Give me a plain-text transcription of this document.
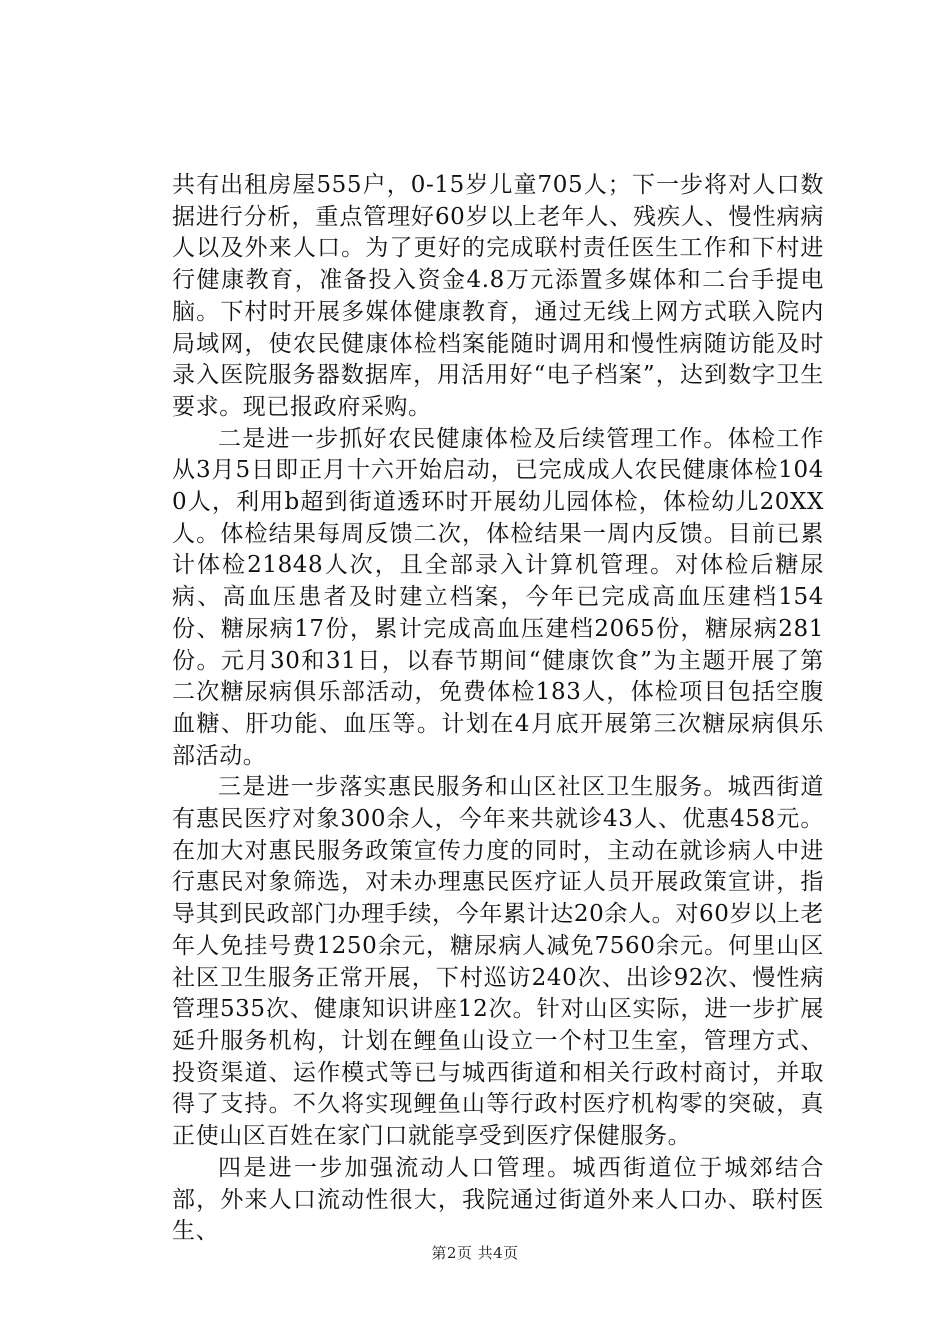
共有出租房屋555户，0-15岁儿童705人；下一步将对人口数据进行分析，重点管理好60岁以上老年人、残疾人、慢性病病人以及外来人口。为了更好的完成联村责任医生工作和下村进行健康教育，准备投入资金4.8万元添置多媒体和二台手提电脑。下村时开展多媒体健康教育，通过无线上网方式联入院内局域网，使农民健康体检档案能随时调用和慢性病随访能及时录入医院服务器数据库，用活用好“电子档案”，达到数字卫生要求。现已报政府采购。

二是进一步抓好农民健康体检及后续管理工作。体检工作从3月5日即正月十六开始启动，已完成成人农民健康体检1040人，利用b超到街道透环时开展幼儿园体检，体检幼儿20XX人。体检结果每周反馈二次，体检结果一周内反馈。目前已累计体检21848人次，且全部录入计算机管理。对体检后糖尿病、高血压患者及时建立档案，今年已完成高血压建档154份、糖尿病17份，累计完成高血压建档2065份，糖尿病281份。元月30和31日，以春节期间“健康饮食”为主题开展了第二次糖尿病俱乐部活动，免费体检183人，体检项目包括空腹血糖、肝功能、血压等。计划在4月底开展第三次糖尿病俱乐部活动。

三是进一步落实惠民服务和山区社区卫生服务。城西街道有惠民医疗对象300余人，今年来共就诊43人、优惠458元。在加大对惠民服务政策宣传力度的同时，主动在就诊病人中进行惠民对象筛选，对未办理惠民医疗证人员开展政策宣讲，指导其到民政部门办理手续，今年累计达20余人。对60岁以上老年人免挂号费1250余元，糖尿病人减免7560余元。何里山区社区卫生服务正常开展，下村巡访240次、出诊92次、慢性病管理535次、健康知识讲座12次。针对山区实际，进一步扩展延升服务机构，计划在鲤鱼山设立一个村卫生室，管理方式、投资渠道、运作模式等已与城西街道和相关行政村商讨，并取得了支持。不久将实现鲤鱼山等行政村医疗机构零的突破，真正使山区百姓在家门口就能享受到医疗保健服务。

四是进一步加强流动人口管理。城西街道位于城郊结合部，外来人口流动性很大，我院通过街道外来人口办、联村医生、

第2页 共4页
